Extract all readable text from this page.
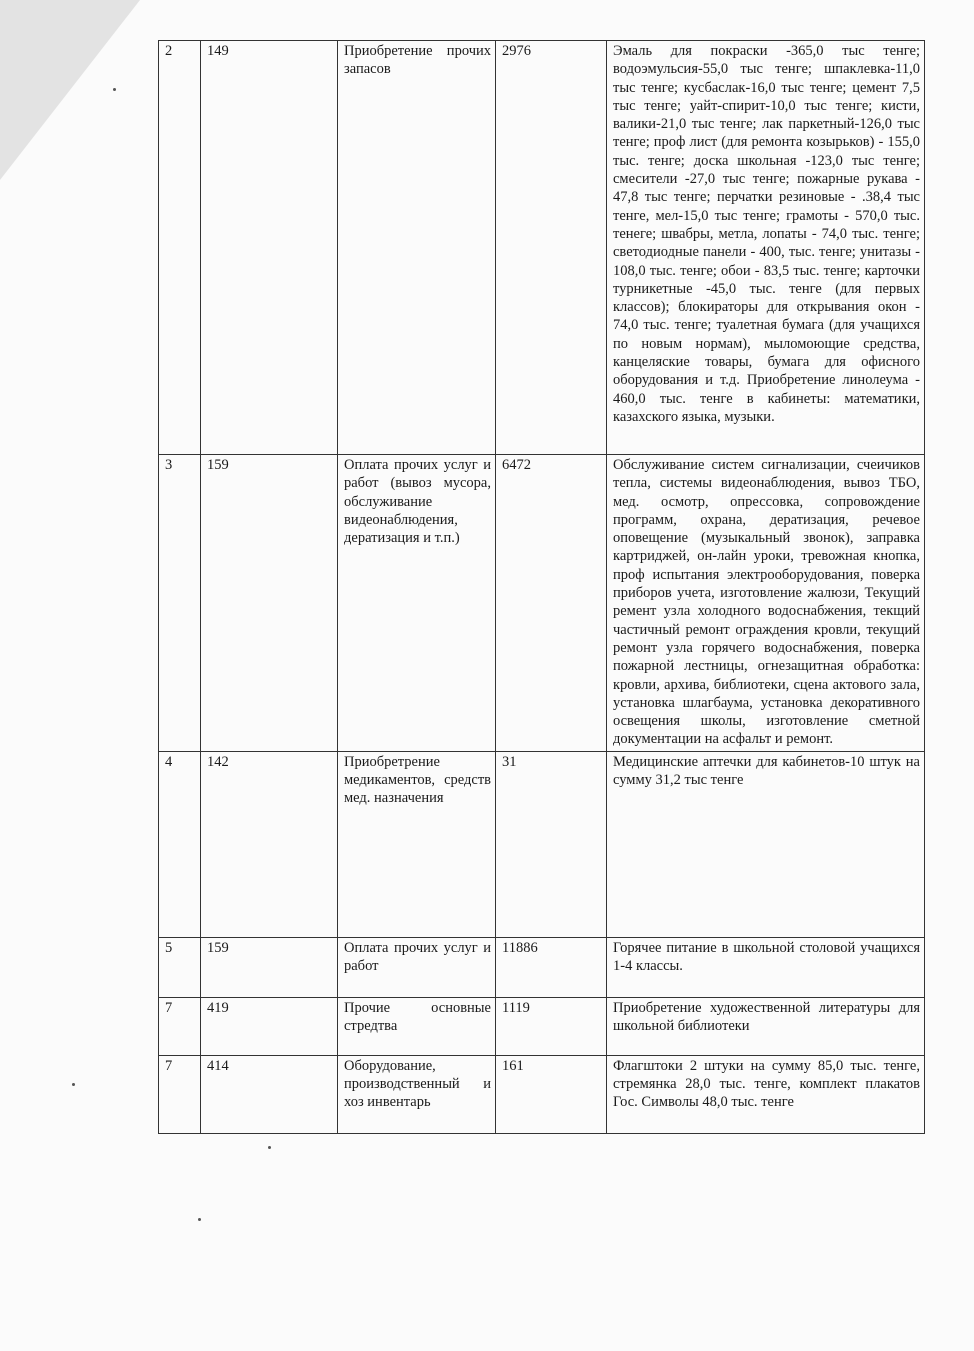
2	149	Приобретение прочих запасов	2976	Эмаль для покраски -365,0 тыс тенге; водоэмульсия-55,0 тыс тенге; шпаклевка-11,0 тыс тенге; кусбаслак-16,0 тыс тенге; цемент 7,5 тыс тенге; уайт-спирит-10,0 тыс тенге; кисти, валики-21,0 тыс тенге; лак паркетный-126,0 тыс тенге; проф лист (для ремонта козырьков) - 155,0 тыс. тенге; доска школьная -123,0 тыс тенге; смесители -27,0 тыс тенге; пожарные рукава - 47,8 тыс тенге; перчатки резиновые - .38,4 тыс тенге, мел-15,0 тыс тенге; грамоты - 570,0 тыс. тенеге; швабры, метла, лопаты - 74,0 тыс. тенге; светодиодные панели - 400, тыс. тенге; унитазы - 108,0 тыс. тенге; обои - 83,5 тыс. тенге; карточки турникетные -45,0 тыс. тенге (для первых классов); блокираторы для открывания окон - 74,0 тыс. тенге; туалетная бумага (для учащихся по новым нормам), мыломоющие средства, канцеляские товары, бумага для офисного оборудования и т.д. Приобретение линолеума - 460,0 тыс. тенге в кабинеты: математики, казахского языка, музыки.
3	159	Оплата прочих услуг и работ (вывоз мусора, обслуживание видеонаблюдения, дератизация и т.п.)	6472	Обслуживание систем сигнализации, счеичиков тепла, системы видеонаблюдения, вывоз ТБО, мед. осмотр, опрессовка, сопровождение программ, охрана, дератизация, речевое оповещение (музыкальный звонок), заправка картриджей, он-лайн уроки, тревожная кнопка, проф испытания электрооборудования, поверка приборов учета, изготовление жалюзи, Текущий ремент узла холодного водоснабжения, текщий частичный ремонт ограждения кровли, текущий ремонт узла горячего водоснабжения, поверка пожарной лестницы, огнезащитная обработка: кровли, архива, библиотеки, сцена актового зала, установка шлагбаума, установка декоративного освещения школы, изготовление сметной документации на асфальт и ремонт.
4	142	Приобретрение медикаментов, средств мед. назначения	31	Медицинские аптечки для кабинетов-10 штук на сумму 31,2 тыс тенге
5	159	Оплата прочих услуг и работ	11886	Горячее питание в школьной столовой учащихся 1-4 классы.
7	419	Прочие основные стредтва	1119	Приобретение художественной литературы для школьной библиотеки
7	414	Оборудование, производственный и хоз инвентарь	161	Флагштоки 2 штуки на сумму 85,0 тыс. тенге, стремянка 28,0 тыс. тенге, комплект плакатов Гос. Символы 48,0 тыс. тенге
